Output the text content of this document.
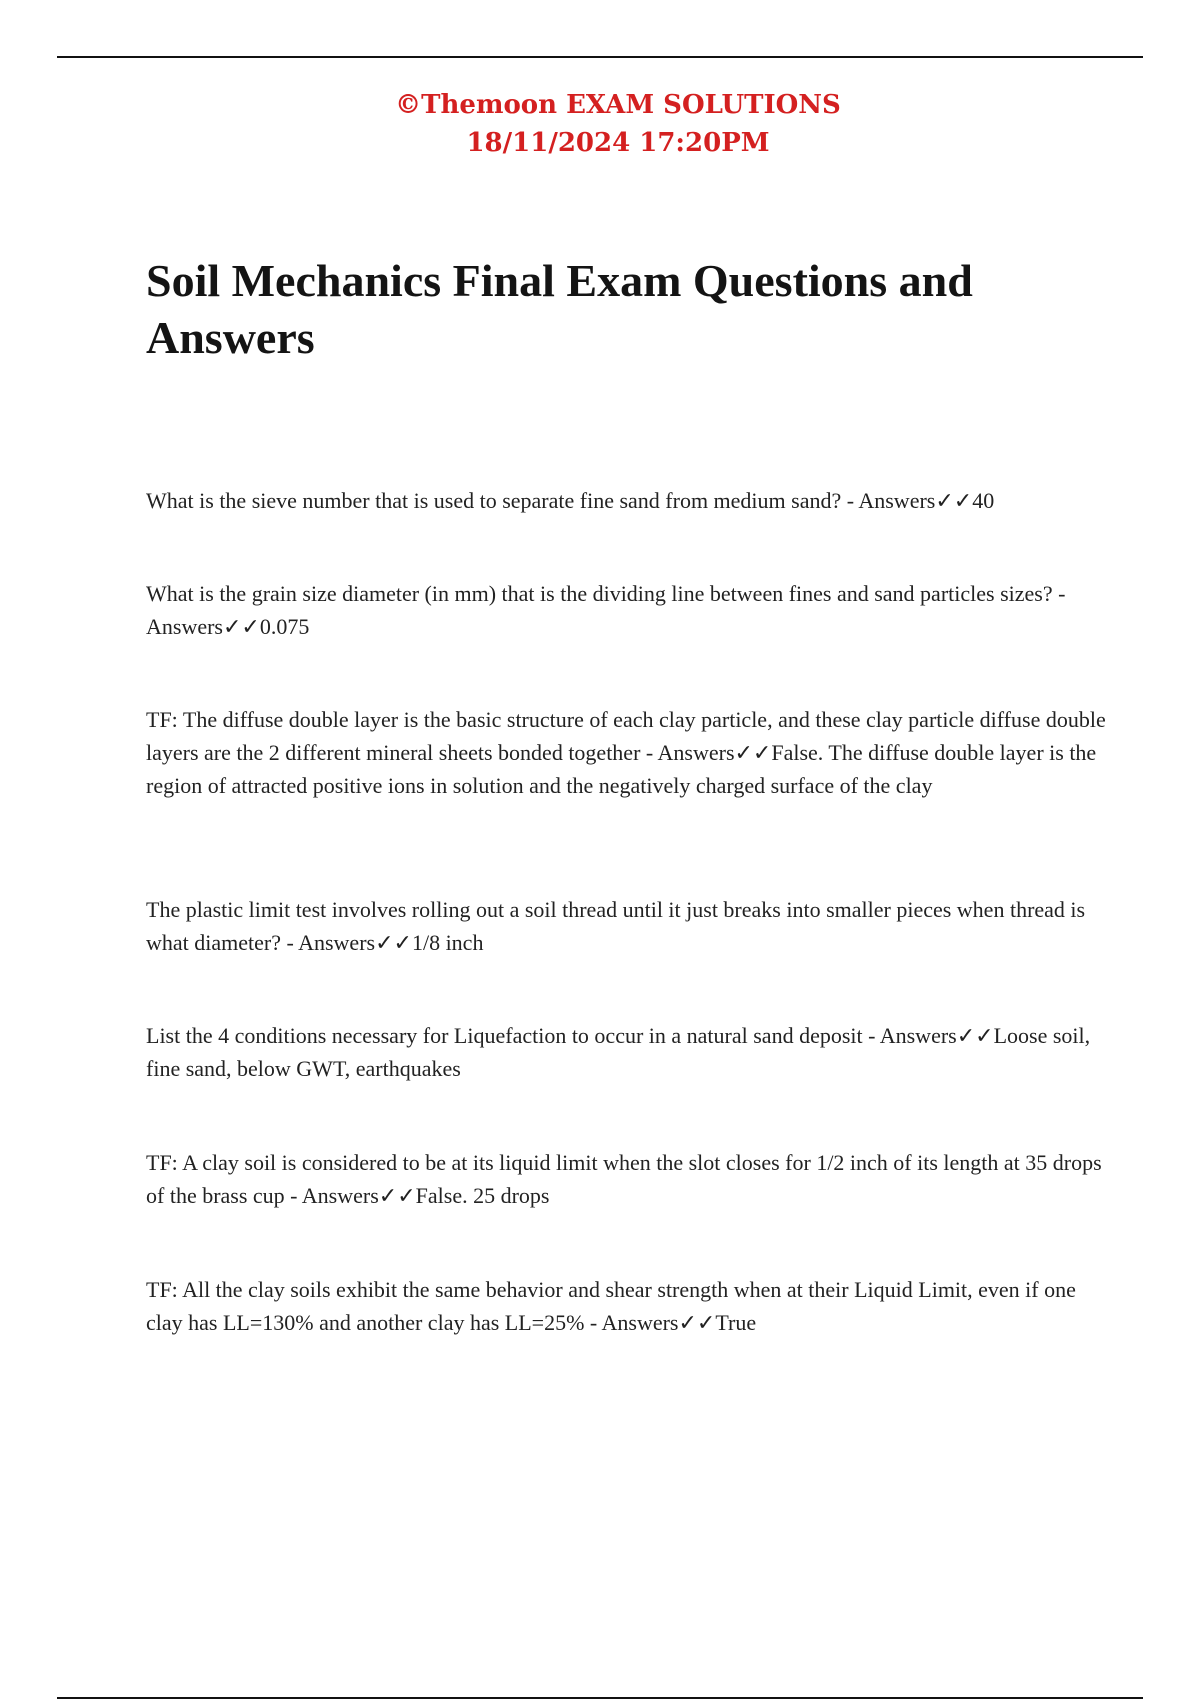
©Themoon EXAM SOLUTIONS
18/11/2024 17:20PM
Soil Mechanics Final Exam Questions and Answers

What is the sieve number that is used to separate fine sand from medium sand? - Answers✓✓40

What is the grain size diameter (in mm) that is the dividing line between fines and sand particles sizes? - Answers✓✓0.075

TF: The diffuse double layer is the basic structure of each clay particle, and these clay particle diffuse double layers are the 2 different mineral sheets bonded together - Answers✓✓False. The diffuse double layer is the region of attracted positive ions in solution and the negatively charged surface of the clay

The plastic limit test involves rolling out a soil thread until it just breaks into smaller pieces when thread is what diameter? - Answers✓✓1/8 inch

List the 4 conditions necessary for Liquefaction to occur in a natural sand deposit - Answers✓✓Loose soil, fine sand, below GWT, earthquakes

TF: A clay soil is considered to be at its liquid limit when the slot closes for 1/2 inch of its length at 35 drops of the brass cup - Answers✓✓False. 25 drops

TF: All the clay soils exhibit the same behavior and shear strength when at their Liquid Limit, even if one clay has LL=130% and another clay has LL=25% - Answers✓✓True
